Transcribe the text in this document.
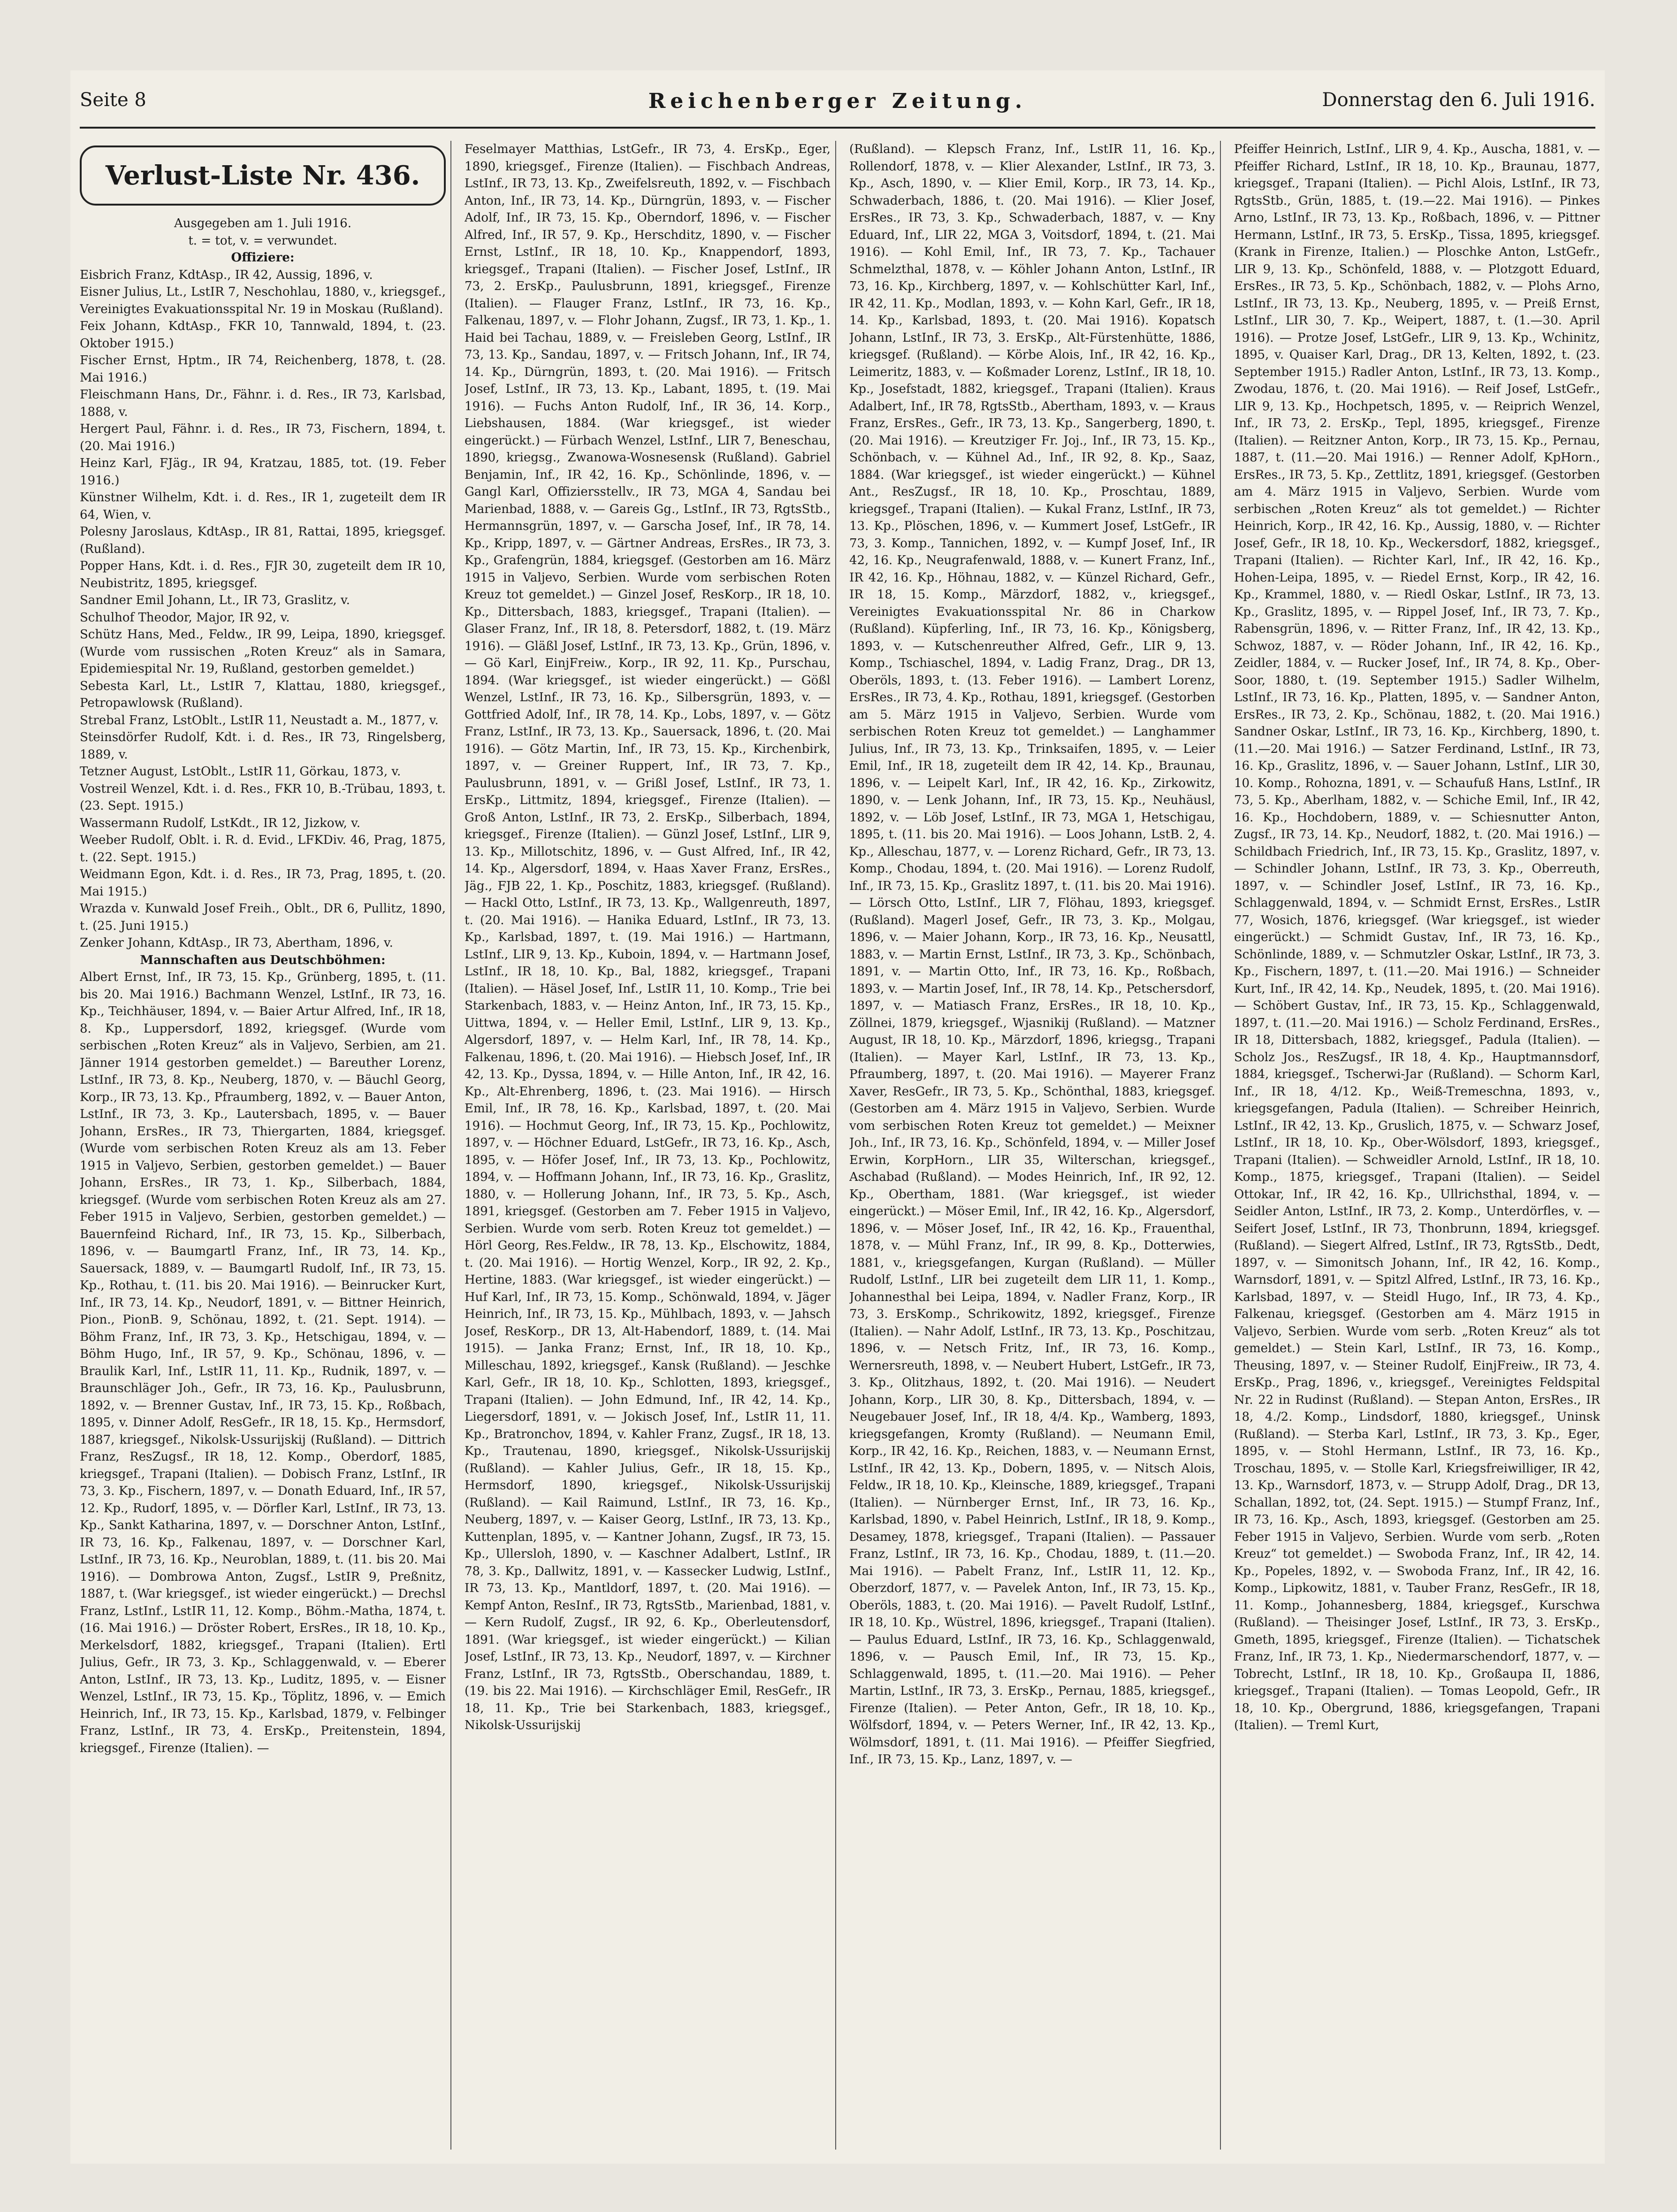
Seite 8	Reichenberger Zeitung.	Donnerstag den 6. Juli 1916.
Verlust-Liste Nr. 436.

Ausgegeben am 1. Juli 1916.

t. = tot, v. = verwundet.

Offiziere:

Eisbrich Franz, KdtAsp., IR 42, Aussig, 1896, v.

Eisner Julius, Lt., LstIR 7, Neschohlau, 1880, v., kriegsgef., Vereinigtes Evakuationsspital Nr. 19 in Moskau (Rußland).

Feix Johann, KdtAsp., FKR 10, Tannwald, 1894, t. (23. Oktober 1915.)

Fischer Ernst, Hptm., IR 74, Reichenberg, 1878, t. (28. Mai 1916.)

Fleischmann Hans, Dr., Fähnr. i. d. Res., IR 73, Karlsbad, 1888, v.

Hergert Paul, Fähnr. i. d. Res., IR 73, Fischern, 1894, t. (20. Mai 1916.)

Heinz Karl, FJäg., IR 94, Kratzau, 1885, tot. (19. Feber 1916.)

Künstner Wilhelm, Kdt. i. d. Res., IR 1, zugeteilt dem IR 64, Wien, v.

Polesny Jaroslaus, KdtAsp., IR 81, Rattai, 1895, kriegsgef. (Rußland).

Popper Hans, Kdt. i. d. Res., FJR 30, zugeteilt dem IR 10, Neubistritz, 1895, kriegsgef.

Sandner Emil Johann, Lt., IR 73, Graslitz, v.

Schulhof Theodor, Major, IR 92, v.

Schütz Hans, Med., Feldw., IR 99, Leipa, 1890, kriegsgef. (Wurde vom russischen „Roten Kreuz“ als in Samara, Epidemiespital Nr. 19, Rußland, gestorben gemeldet.)

Sebesta Karl, Lt., LstIR 7, Klattau, 1880, kriegsgef., Petropawlowsk (Rußland).

Strebal Franz, LstOblt., LstIR 11, Neustadt a. M., 1877, v.

Steinsdörfer Rudolf, Kdt. i. d. Res., IR 73, Ringelsberg, 1889, v.

Tetzner August, LstOblt., LstIR 11, Görkau, 1873, v.

Vostreil Wenzel, Kdt. i. d. Res., FKR 10, B.-Trübau, 1893, t. (23. Sept. 1915.)

Wassermann Rudolf, LstKdt., IR 12, Jizkow, v.

Weeber Rudolf, Oblt. i. R. d. Evid., LFKDiv. 46, Prag, 1875, t. (22. Sept. 1915.)

Weidmann Egon, Kdt. i. d. Res., IR 73, Prag, 1895, t. (20. Mai 1915.)

Wrazda v. Kunwald Josef Freih., Oblt., DR 6, Pullitz, 1890, t. (25. Juni 1915.)

Zenker Johann, KdtAsp., IR 73, Abertham, 1896, v.

Mannschaften aus Deutschböhmen:

Albert Ernst, Inf., IR 73, 15. Kp., Grünberg, 1895, t. (11. bis 20. Mai 1916.) Bachmann Wenzel, LstInf., IR 73, 16. Kp., Teichhäuser, 1894, v. — Baier Artur Alfred, Inf., IR 18, 8. Kp., Luppersdorf, 1892, kriegsgef. (Wurde vom serbischen „Roten Kreuz“ als in Valjevo, Serbien, am 21. Jänner 1914 gestorben gemeldet.) — Bareuther Lorenz, LstInf., IR 73, 8. Kp., Neuberg, 1870, v. — Bäuchl Georg, Korp., IR 73, 13. Kp., Pfraumberg, 1892, v. — Bauer Anton, LstInf., IR 73, 3. Kp., Lautersbach, 1895, v. — Bauer Johann, ErsRes., IR 73, Thiergarten, 1884, kriegsgef. (Wurde vom serbischen Roten Kreuz als am 13. Feber 1915 in Valjevo, Serbien, gestorben gemeldet.) — Bauer Johann, ErsRes., IR 73, 1. Kp., Silberbach, 1884, kriegsgef. (Wurde vom serbischen Roten Kreuz als am 27. Feber 1915 in Valjevo, Serbien, gestorben gemeldet.) — Bauernfeind Richard, Inf., IR 73, 15. Kp., Silberbach, 1896, v. — Baumgartl Franz, Inf., IR 73, 14. Kp., Sauersack, 1889, v. — Baumgartl Rudolf, Inf., IR 73, 15. Kp., Rothau, t. (11. bis 20. Mai 1916). — Beinrucker Kurt, Inf., IR 73, 14. Kp., Neudorf, 1891, v. — Bittner Heinrich, Pion., PionB. 9, Schönau, 1892, t. (21. Sept. 1914). — Böhm Franz, Inf., IR 73, 3. Kp., Hetschigau, 1894, v. — Böhm Hugo, Inf., IR 57, 9. Kp., Schönau, 1896, v. — Braulik Karl, Inf., LstIR 11, 11. Kp., Rudnik, 1897, v. — Braunschläger Joh., Gefr., IR 73, 16. Kp., Paulusbrunn, 1892, v. — Brenner Gustav, Inf., IR 73, 15. Kp., Roßbach, 1895, v. Dinner Adolf, ResGefr., IR 18, 15. Kp., Hermsdorf, 1887, kriegsgef., Nikolsk-Ussurijskij (Rußland). — Dittrich Franz, ResZugsf., IR 18, 12. Komp., Oberdorf, 1885, kriegsgef., Trapani (Italien). — Dobisch Franz, LstInf., IR 73, 3. Kp., Fischern, 1897, v. — Donath Eduard, Inf., IR 57, 12. Kp., Rudorf, 1895, v. — Dörfler Karl, LstInf., IR 73, 13. Kp., Sankt Katharina, 1897, v. — Dorschner Anton, LstInf., IR 73, 16. Kp., Falkenau, 1897, v. — Dorschner Karl, LstInf., IR 73, 16. Kp., Neuroblan, 1889, t. (11. bis 20. Mai 1916). — Dombrowa Anton, Zugsf., LstIR 9, Preßnitz, 1887, t. (War kriegsgef., ist wieder eingerückt.) — Drechsl Franz, LstInf., LstIR 11, 12. Komp., Böhm.-Matha, 1874, t. (16. Mai 1916.) — Dröster Robert, ErsRes., IR 18, 10. Kp., Merkelsdorf, 1882, kriegsgef., Trapani (Italien). Ertl Julius, Gefr., IR 73, 3. Kp., Schlaggenwald, v. — Eberer Anton, LstInf., IR 73, 13. Kp., Luditz, 1895, v. — Eisner Wenzel, LstInf., IR 73, 15. Kp., Töplitz, 1896, v. — Emich Heinrich, Inf., IR 73, 15. Kp., Karlsbad, 1879, v. Felbinger Franz, LstInf., IR 73, 4. ErsKp., Preitenstein, 1894, kriegsgef., Firenze (Italien). —

Feselmayer Matthias, LstGefr., IR 73, 4. ErsKp., Eger, 1890, kriegsgef., Firenze (Italien). — Fischbach Andreas, LstInf., IR 73, 13. Kp., Zweifelsreuth, 1892, v. — Fischbach Anton, Inf., IR 73, 14. Kp., Dürngrün, 1893, v. — Fischer Adolf, Inf., IR 73, 15. Kp., Oberndorf, 1896, v. — Fischer Alfred, Inf., IR 57, 9. Kp., Herschditz, 1890, v. — Fischer Ernst, LstInf., IR 18, 10. Kp., Knappendorf, 1893, kriegsgef., Trapani (Italien). — Fischer Josef, LstInf., IR 73, 2. ErsKp., Paulusbrunn, 1891, kriegsgef., Firenze (Italien). — Flauger Franz, LstInf., IR 73, 16. Kp., Falkenau, 1897, v. — Flohr Johann, Zugsf., IR 73, 1. Kp., 1. Haid bei Tachau, 1889, v. — Freisleben Georg, LstInf., IR 73, 13. Kp., Sandau, 1897, v. — Fritsch Johann, Inf., IR 74, 14. Kp., Dürngrün, 1893, t. (20. Mai 1916). — Fritsch Josef, LstInf., IR 73, 13. Kp., Labant, 1895, t. (19. Mai 1916). — Fuchs Anton Rudolf, Inf., IR 36, 14. Korp., Liebshausen, 1884. (War kriegsgef., ist wieder eingerückt.) — Fürbach Wenzel, LstInf., LIR 7, Beneschau, 1890, kriegsg., Zwanowa-Wosnesensk (Rußland). Gabriel Benjamin, Inf., IR 42, 16. Kp., Schönlinde, 1896, v. — Gangl Karl, Offiziersstellv., IR 73, MGA 4, Sandau bei Marienbad, 1888, v. — Gareis Gg., LstInf., IR 73, RgtsStb., Hermannsgrün, 1897, v. — Garscha Josef, Inf., IR 78, 14. Kp., Kripp, 1897, v. — Gärtner Andreas, ErsRes., IR 73, 3. Kp., Grafengrün, 1884, kriegsgef. (Gestorben am 16. März 1915 in Valjevo, Serbien. Wurde vom serbischen Roten Kreuz tot gemeldet.) — Ginzel Josef, ResKorp., IR 18, 10. Kp., Dittersbach, 1883, kriegsgef., Trapani (Italien). — Glaser Franz, Inf., IR 18, 8. Petersdorf, 1882, t. (19. März 1916). — Gläßl Josef, LstInf., IR 73, 13. Kp., Grün, 1896, v. — Gö Karl, EinjFreiw., Korp., IR 92, 11. Kp., Purschau, 1894. (War kriegsgef., ist wieder eingerückt.) — Gößl Wenzel, LstInf., IR 73, 16. Kp., Silbersgrün, 1893, v. — Gottfried Adolf, Inf., IR 78, 14. Kp., Lobs, 1897, v. — Götz Franz, LstInf., IR 73, 13. Kp., Sauersack, 1896, t. (20. Mai 1916). — Götz Martin, Inf., IR 73, 15. Kp., Kirchenbirk, 1897, v. — Greiner Ruppert, Inf., IR 73, 7. Kp., Paulusbrunn, 1891, v. — Grißl Josef, LstInf., IR 73, 1. ErsKp., Littmitz, 1894, kriegsgef., Firenze (Italien). — Groß Anton, LstInf., IR 73, 2. ErsKp., Silberbach, 1894, kriegsgef., Firenze (Italien). — Günzl Josef, LstInf., LIR 9, 13. Kp., Millotschitz, 1896, v. — Gust Alfred, Inf., IR 42, 14. Kp., Algersdorf, 1894, v. Haas Xaver Franz, ErsRes., Jäg., FJB 22, 1. Kp., Poschitz, 1883, kriegsgef. (Rußland). — Hackl Otto, LstInf., IR 73, 13. Kp., Wallgenreuth, 1897, t. (20. Mai 1916). — Hanika Eduard, LstInf., IR 73, 13. Kp., Karlsbad, 1897, t. (19. Mai 1916.) — Hartmann, LstInf., LIR 9, 13. Kp., Kuboin, 1894, v. — Hartmann Josef, LstInf., IR 18, 10. Kp., Bal, 1882, kriegsgef., Trapani (Italien). — Häsel Josef, Inf., LstIR 11, 10. Komp., Trie bei Starkenbach, 1883, v. — Heinz Anton, Inf., IR 73, 15. Kp., Uittwa, 1894, v. — Heller Emil, LstInf., LIR 9, 13. Kp., Algersdorf, 1897, v. — Helm Karl, Inf., IR 78, 14. Kp., Falkenau, 1896, t. (20. Mai 1916). — Hiebsch Josef, Inf., IR 42, 13. Kp., Dyssa, 1894, v. — Hille Anton, Inf., IR 42, 16. Kp., Alt-Ehrenberg, 1896, t. (23. Mai 1916). — Hirsch Emil, Inf., IR 78, 16. Kp., Karlsbad, 1897, t. (20. Mai 1916). — Hochmut Georg, Inf., IR 73, 15. Kp., Pochlowitz, 1897, v. — Höchner Eduard, LstGefr., IR 73, 16. Kp., Asch, 1895, v. — Höfer Josef, Inf., IR 73, 13. Kp., Pochlowitz, 1894, v. — Hoffmann Johann, Inf., IR 73, 16. Kp., Graslitz, 1880, v. — Hollerung Johann, Inf., IR 73, 5. Kp., Asch, 1891, kriegsgef. (Gestorben am 7. Feber 1915 in Valjevo, Serbien. Wurde vom serb. Roten Kreuz tot gemeldet.) — Hörl Georg, Res.Feldw., IR 78, 13. Kp., Elschowitz, 1884, t. (20. Mai 1916). — Hortig Wenzel, Korp., IR 92, 2. Kp., Hertine, 1883. (War kriegsgef., ist wieder eingerückt.) — Huf Karl, Inf., IR 73, 15. Komp., Schönwald, 1894, v. Jäger Heinrich, Inf., IR 73, 15. Kp., Mühlbach, 1893, v. — Jahsch Josef, ResKorp., DR 13, Alt-Habendorf, 1889, t. (14. Mai 1915). — Janka Franz; Ernst, Inf., IR 18, 10. Kp., Milleschau, 1892, kriegsgef., Kansk (Rußland). — Jeschke Karl, Gefr., IR 18, 10. Kp., Schlotten, 1893, kriegsgef., Trapani (Italien). — John Edmund, Inf., IR 42, 14. Kp., Liegersdorf, 1891, v. — Jokisch Josef, Inf., LstIR 11, 11. Kp., Bratronchov, 1894, v. Kahler Franz, Zugsf., IR 18, 13. Kp., Trautenau, 1890, kriegsgef., Nikolsk-Ussurijskij (Rußland). — Kahler Julius, Gefr., IR 18, 15. Kp., Hermsdorf, 1890, kriegsgef., Nikolsk-Ussurijskij (Rußland). — Kail Raimund, LstInf., IR 73, 16. Kp., Neuberg, 1897, v. — Kaiser Georg, LstInf., IR 73, 13. Kp., Kuttenplan, 1895, v. — Kantner Johann, Zugsf., IR 73, 15. Kp., Ullersloh, 1890, v. — Kaschner Adalbert, LstInf., IR 78, 3. Kp., Dallwitz, 1891, v. — Kassecker Ludwig, LstInf., IR 73, 13. Kp., Mantldorf, 1897, t. (20. Mai 1916). — Kempf Anton, ResInf., IR 73, RgtsStb., Marienbad, 1881, v. — Kern Rudolf, Zugsf., IR 92, 6. Kp., Oberleutensdorf, 1891. (War kriegsgef., ist wieder eingerückt.) — Kilian Josef, LstInf., IR 73, 13. Kp., Neudorf, 1897, v. — Kirchner Franz, LstInf., IR 73, RgtsStb., Oberschandau, 1889, t. (19. bis 22. Mai 1916). — Kirchschläger Emil, ResGefr., IR 18, 11. Kp., Trie bei Starkenbach, 1883, kriegsgef., Nikolsk-Ussurijskij

(Rußland). — Klepsch Franz, Inf., LstIR 11, 16. Kp., Rollendorf, 1878, v. — Klier Alexander, LstInf., IR 73, 3. Kp., Asch, 1890, v. — Klier Emil, Korp., IR 73, 14. Kp., Schwaderbach, 1886, t. (20. Mai 1916). — Klier Josef, ErsRes., IR 73, 3. Kp., Schwaderbach, 1887, v. — Kny Eduard, Inf., LIR 22, MGA 3, Voitsdorf, 1894, t. (21. Mai 1916). — Kohl Emil, Inf., IR 73, 7. Kp., Tachauer Schmelzthal, 1878, v. — Köhler Johann Anton, LstInf., IR 73, 16. Kp., Kirchberg, 1897, v. — Kohlschütter Karl, Inf., IR 42, 11. Kp., Modlan, 1893, v. — Kohn Karl, Gefr., IR 18, 14. Kp., Karlsbad, 1893, t. (20. Mai 1916). Kopatsch Johann, LstInf., IR 73, 3. ErsKp., Alt-Fürstenhütte, 1886, kriegsgef. (Rußland). — Körbe Alois, Inf., IR 42, 16. Kp., Leimeritz, 1883, v. — Koßmader Lorenz, LstInf., IR 18, 10. Kp., Josefstadt, 1882, kriegsgef., Trapani (Italien). Kraus Adalbert, Inf., IR 78, RgtsStb., Abertham, 1893, v. — Kraus Franz, ErsRes., Gefr., IR 73, 13. Kp., Sangerberg, 1890, t. (20. Mai 1916). — Kreutziger Fr. Joj., Inf., IR 73, 15. Kp., Schönbach, v. — Kühnel Ad., Inf., IR 92, 8. Kp., Saaz, 1884. (War kriegsgef., ist wieder eingerückt.) — Kühnel Ant., ResZugsf., IR 18, 10. Kp., Proschtau, 1889, kriegsgef., Trapani (Italien). — Kukal Franz, LstInf., IR 73, 13. Kp., Plöschen, 1896, v. — Kummert Josef, LstGefr., IR 73, 3. Komp., Tannichen, 1892, v. — Kumpf Josef, Inf., IR 42, 16. Kp., Neugrafenwald, 1888, v. — Kunert Franz, Inf., IR 42, 16. Kp., Höhnau, 1882, v. — Künzel Richard, Gefr., IR 18, 15. Komp., Märzdorf, 1882, v., kriegsgef., Vereinigtes Evakuationsspital Nr. 86 in Charkow (Rußland). Küpferling, Inf., IR 73, 16. Kp., Königsberg, 1893, v. — Kutschenreuther Alfred, Gefr., LIR 9, 13. Komp., Tschiaschel, 1894, v. Ladig Franz, Drag., DR 13, Oberöls, 1893, t. (13. Feber 1916). — Lambert Lorenz, ErsRes., IR 73, 4. Kp., Rothau, 1891, kriegsgef. (Gestorben am 5. März 1915 in Valjevo, Serbien. Wurde vom serbischen Roten Kreuz tot gemeldet.) — Langhammer Julius, Inf., IR 73, 13. Kp., Trinksaifen, 1895, v. — Leier Emil, Inf., IR 18, zugeteilt dem IR 42, 14. Kp., Braunau, 1896, v. — Leipelt Karl, Inf., IR 42, 16. Kp., Zirkowitz, 1890, v. — Lenk Johann, Inf., IR 73, 15. Kp., Neuhäusl, 1892, v. — Löb Josef, LstInf., IR 73, MGA 1, Hetschigau, 1895, t. (11. bis 20. Mai 1916). — Loos Johann, LstB. 2, 4. Kp., Alleschau, 1877, v. — Lorenz Richard, Gefr., IR 73, 13. Komp., Chodau, 1894, t. (20. Mai 1916). — Lorenz Rudolf, Inf., IR 73, 15. Kp., Graslitz 1897, t. (11. bis 20. Mai 1916). — Lörsch Otto, LstInf., LIR 7, Flöhau, 1893, kriegsgef. (Rußland). Magerl Josef, Gefr., IR 73, 3. Kp., Molgau, 1896, v. — Maier Johann, Korp., IR 73, 16. Kp., Neusattl, 1883, v. — Martin Ernst, LstInf., IR 73, 3. Kp., Schönbach, 1891, v. — Martin Otto, Inf., IR 73, 16. Kp., Roßbach, 1893, v. — Martin Josef, Inf., IR 78, 14. Kp., Petschersdorf, 1897, v. — Matiasch Franz, ErsRes., IR 18, 10. Kp., Zöllnei, 1879, kriegsgef., Wjasnikij (Rußland). — Matzner August, IR 18, 10. Kp., Märzdorf, 1896, kriegsg., Trapani (Italien). — Mayer Karl, LstInf., IR 73, 13. Kp., Pfraumberg, 1897, t. (20. Mai 1916). — Mayerer Franz Xaver, ResGefr., IR 73, 5. Kp., Schönthal, 1883, kriegsgef. (Gestorben am 4. März 1915 in Valjevo, Serbien. Wurde vom serbischen Roten Kreuz tot gemeldet.) — Meixner Joh., Inf., IR 73, 16. Kp., Schönfeld, 1894, v. — Miller Josef Erwin, KorpHorn., LIR 35, Wilterschan, kriegsgef., Aschabad (Rußland). — Modes Heinrich, Inf., IR 92, 12. Kp., Obertham, 1881. (War kriegsgef., ist wieder eingerückt.) — Möser Emil, Inf., IR 42, 16. Kp., Algersdorf, 1896, v. — Möser Josef, Inf., IR 42, 16. Kp., Frauenthal, 1878, v. — Mühl Franz, Inf., IR 99, 8. Kp., Dotterwies, 1881, v., kriegsgefangen, Kurgan (Rußland). — Müller Rudolf, LstInf., LIR bei zugeteilt dem LIR 11, 1. Komp., Johannesthal bei Leipa, 1894, v. Nadler Franz, Korp., IR 73, 3. ErsKomp., Schrikowitz, 1892, kriegsgef., Firenze (Italien). — Nahr Adolf, LstInf., IR 73, 13. Kp., Poschitzau, 1896, v. — Netsch Fritz, Inf., IR 73, 16. Komp., Wernersreuth, 1898, v. — Neubert Hubert, LstGefr., IR 73, 3. Kp., Olitzhaus, 1892, t. (20. Mai 1916). — Neudert Johann, Korp., LIR 30, 8. Kp., Dittersbach, 1894, v. — Neugebauer Josef, Inf., IR 18, 4/4. Kp., Wamberg, 1893, kriegsgefangen, Kromty (Rußland). — Neumann Emil, Korp., IR 42, 16. Kp., Reichen, 1883, v. — Neumann Ernst, LstInf., IR 42, 13. Kp., Dobern, 1895, v. — Nitsch Alois, Feldw., IR 18, 10. Kp., Kleinsche, 1889, kriegsgef., Trapani (Italien). — Nürnberger Ernst, Inf., IR 73, 16. Kp., Karlsbad, 1890, v. Pabel Heinrich, LstInf., IR 18, 9. Komp., Desamey, 1878, kriegsgef., Trapani (Italien). — Passauer Franz, LstInf., IR 73, 16. Kp., Chodau, 1889, t. (11.—20. Mai 1916). — Pabelt Franz, Inf., LstIR 11, 12. Kp., Oberzdorf, 1877, v. — Pavelek Anton, Inf., IR 73, 15. Kp., Oberöls, 1883, t. (20. Mai 1916). — Pavelt Rudolf, LstInf., IR 18, 10. Kp., Wüstrel, 1896, kriegsgef., Trapani (Italien). — Paulus Eduard, LstInf., IR 73, 16. Kp., Schlaggenwald, 1896, v. — Pausch Emil, Inf., IR 73, 15. Kp., Schlaggenwald, 1895, t. (11.—20. Mai 1916). — Peher Martin, LstInf., IR 73, 3. ErsKp., Pernau, 1885, kriegsgef., Firenze (Italien). — Peter Anton, Gefr., IR 18, 10. Kp., Wölfsdorf, 1894, v. — Peters Werner, Inf., IR 42, 13. Kp., Wölmsdorf, 1891, t. (11. Mai 1916). — Pfeiffer Siegfried, Inf., IR 73, 15. Kp., Lanz, 1897, v. —

Pfeiffer Heinrich, LstInf., LIR 9, 4. Kp., Auscha, 1881, v. — Pfeiffer Richard, LstInf., IR 18, 10. Kp., Braunau, 1877, kriegsgef., Trapani (Italien). — Pichl Alois, LstInf., IR 73, RgtsStb., Grün, 1885, t. (19.—22. Mai 1916). — Pinkes Arno, LstInf., IR 73, 13. Kp., Roßbach, 1896, v. — Pittner Hermann, LstInf., IR 73, 5. ErsKp., Tissa, 1895, kriegsgef. (Krank in Firenze, Italien.) — Ploschke Anton, LstGefr., LIR 9, 13. Kp., Schönfeld, 1888, v. — Plotzgott Eduard, ErsRes., IR 73, 5. Kp., Schönbach, 1882, v. — Plohs Arno, LstInf., IR 73, 13. Kp., Neuberg, 1895, v. — Preiß Ernst, LstInf., LIR 30, 7. Kp., Weipert, 1887, t. (1.—30. April 1916). — Protze Josef, LstGefr., LIR 9, 13. Kp., Wchinitz, 1895, v. Quaiser Karl, Drag., DR 13, Kelten, 1892, t. (23. September 1915.) Radler Anton, LstInf., IR 73, 13. Komp., Zwodau, 1876, t. (20. Mai 1916). — Reif Josef, LstGefr., LIR 9, 13. Kp., Hochpetsch, 1895, v. — Reiprich Wenzel, Inf., IR 73, 2. ErsKp., Tepl, 1895, kriegsgef., Firenze (Italien). — Reitzner Anton, Korp., IR 73, 15. Kp., Pernau, 1887, t. (11.—20. Mai 1916.) — Renner Adolf, KpHorn., ErsRes., IR 73, 5. Kp., Zettlitz, 1891, kriegsgef. (Gestorben am 4. März 1915 in Valjevo, Serbien. Wurde vom serbischen „Roten Kreuz“ als tot gemeldet.) — Richter Heinrich, Korp., IR 42, 16. Kp., Aussig, 1880, v. — Richter Josef, Gefr., IR 18, 10. Kp., Weckersdorf, 1882, kriegsgef., Trapani (Italien). — Richter Karl, Inf., IR 42, 16. Kp., Hohen-Leipa, 1895, v. — Riedel Ernst, Korp., IR 42, 16. Kp., Krammel, 1880, v. — Riedl Oskar, LstInf., IR 73, 13. Kp., Graslitz, 1895, v. — Rippel Josef, Inf., IR 73, 7. Kp., Rabensgrün, 1896, v. — Ritter Franz, Inf., IR 42, 13. Kp., Schwoz, 1887, v. — Röder Johann, Inf., IR 42, 16. Kp., Zeidler, 1884, v. — Rucker Josef, Inf., IR 74, 8. Kp., Ober-Soor, 1880, t. (19. September 1915.) Sadler Wilhelm, LstInf., IR 73, 16. Kp., Platten, 1895, v. — Sandner Anton, ErsRes., IR 73, 2. Kp., Schönau, 1882, t. (20. Mai 1916.) Sandner Oskar, LstInf., IR 73, 16. Kp., Kirchberg, 1890, t. (11.—20. Mai 1916.) — Satzer Ferdinand, LstInf., IR 73, 16. Kp., Graslitz, 1896, v. — Sauer Johann, LstInf., LIR 30, 10. Komp., Rohozna, 1891, v. — Schaufuß Hans, LstInf., IR 73, 5. Kp., Aberlham, 1882, v. — Schiche Emil, Inf., IR 42, 16. Kp., Hochdobern, 1889, v. — Schiesnutter Anton, Zugsf., IR 73, 14. Kp., Neudorf, 1882, t. (20. Mai 1916.) — Schildbach Friedrich, Inf., IR 73, 15. Kp., Graslitz, 1897, v. — Schindler Johann, LstInf., IR 73, 3. Kp., Oberreuth, 1897, v. — Schindler Josef, LstInf., IR 73, 16. Kp., Schlaggenwald, 1894, v. — Schmidt Ernst, ErsRes., LstIR 77, Wosich, 1876, kriegsgef. (War kriegsgef., ist wieder eingerückt.) — Schmidt Gustav, Inf., IR 73, 16. Kp., Schönlinde, 1889, v. — Schmutzler Oskar, LstInf., IR 73, 3. Kp., Fischern, 1897, t. (11.—20. Mai 1916.) — Schneider Kurt, Inf., IR 42, 14. Kp., Neudek, 1895, t. (20. Mai 1916). — Schöbert Gustav, Inf., IR 73, 15. Kp., Schlaggenwald, 1897, t. (11.—20. Mai 1916.) — Scholz Ferdinand, ErsRes., IR 18, Dittersbach, 1882, kriegsgef., Padula (Italien). — Scholz Jos., ResZugsf., IR 18, 4. Kp., Hauptmannsdorf, 1884, kriegsgef., Tscherwi-Jar (Rußland). — Schorm Karl, Inf., IR 18, 4/12. Kp., Weiß-Tremeschna, 1893, v., kriegsgefangen, Padula (Italien). — Schreiber Heinrich, LstInf., IR 42, 13. Kp., Gruslich, 1875, v. — Schwarz Josef, LstInf., IR 18, 10. Kp., Ober-Wölsdorf, 1893, kriegsgef., Trapani (Italien). — Schweidler Arnold, LstInf., IR 18, 10. Komp., 1875, kriegsgef., Trapani (Italien). — Seidel Ottokar, Inf., IR 42, 16. Kp., Ullrichsthal, 1894, v. — Seidler Anton, LstInf., IR 73, 2. Komp., Unterdörfles, v. — Seifert Josef, LstInf., IR 73, Thonbrunn, 1894, kriegsgef. (Rußland). — Siegert Alfred, LstInf., IR 73, RgtsStb., Dedt, 1897, v. — Simonitsch Johann, Inf., IR 42, 16. Komp., Warnsdorf, 1891, v. — Spitzl Alfred, LstInf., IR 73, 16. Kp., Karlsbad, 1897, v. — Steidl Hugo, Inf., IR 73, 4. Kp., Falkenau, kriegsgef. (Gestorben am 4. März 1915 in Valjevo, Serbien. Wurde vom serb. „Roten Kreuz“ als tot gemeldet.) — Stein Karl, LstInf., IR 73, 16. Komp., Theusing, 1897, v. — Steiner Rudolf, EinjFreiw., IR 73, 4. ErsKp., Prag, 1896, v., kriegsgef., Vereinigtes Feldspital Nr. 22 in Rudinst (Rußland). — Stepan Anton, ErsRes., IR 18, 4./2. Komp., Lindsdorf, 1880, kriegsgef., Uninsk (Rußland). — Sterba Karl, LstInf., IR 73, 3. Kp., Eger, 1895, v. — Stohl Hermann, LstInf., IR 73, 16. Kp., Troschau, 1895, v. — Stolle Karl, Kriegsfreiwilliger, IR 42, 13. Kp., Warnsdorf, 1873, v. — Strupp Adolf, Drag., DR 13, Schallan, 1892, tot, (24. Sept. 1915.) — Stumpf Franz, Inf., IR 73, 16. Kp., Asch, 1893, kriegsgef. (Gestorben am 25. Feber 1915 in Valjevo, Serbien. Wurde vom serb. „Roten Kreuz“ tot gemeldet.) — Swoboda Franz, Inf., IR 42, 14. Kp., Popeles, 1892, v. — Swoboda Franz, Inf., IR 42, 16. Komp., Lipkowitz, 1881, v. Tauber Franz, ResGefr., IR 18, 11. Komp., Johannesberg, 1884, kriegsgef., Kurschwa (Rußland). — Theisinger Josef, LstInf., IR 73, 3. ErsKp., Gmeth, 1895, kriegsgef., Firenze (Italien). — Tichatschek Franz, Inf., IR 73, 1. Kp., Niedermarschendorf, 1877, v. — Tobrecht, LstInf., IR 18, 10. Kp., Großaupa II, 1886, kriegsgef., Trapani (Italien). — Tomas Leopold, Gefr., IR 18, 10. Kp., Obergrund, 1886, kriegsgefangen, Trapani (Italien). — Treml Kurt,
